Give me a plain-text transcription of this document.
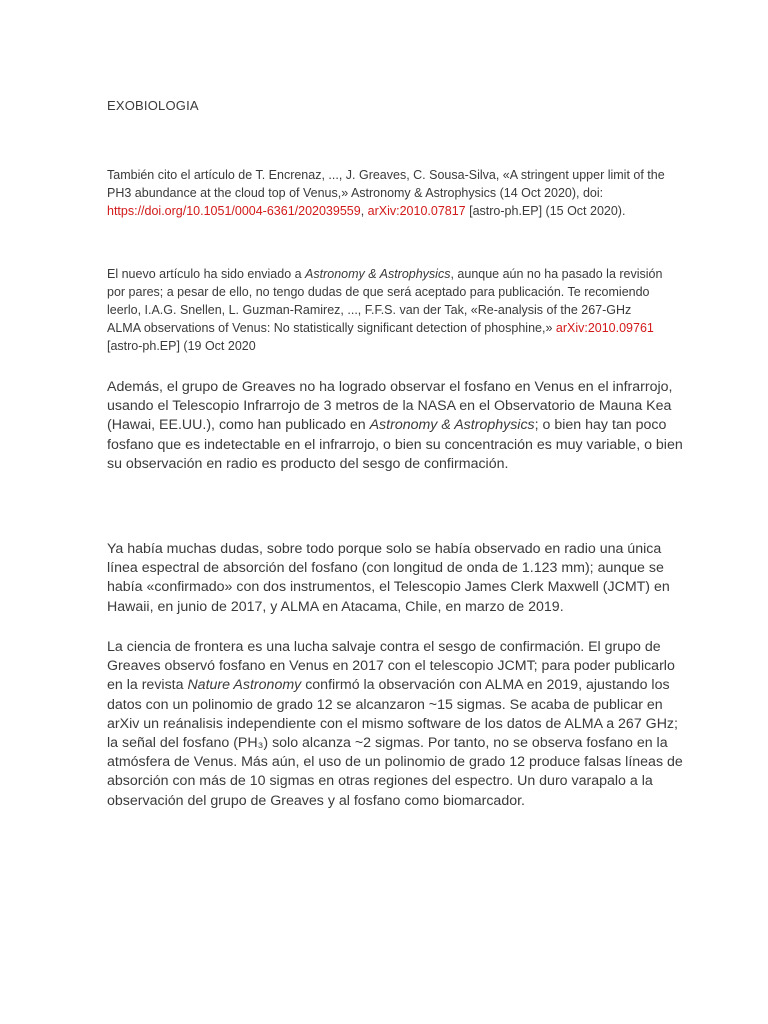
EXOBIOLOGIA
También cito el artículo de T. Encrenaz, ..., J. Greaves, C. Sousa-Silva, «A stringent upper limit of the PH3 abundance at the cloud top of Venus,» Astronomy & Astrophysics (14 Oct 2020), doi: https://doi.org/10.1051/0004-6361/202039559, arXiv:2010.07817 [astro-ph.EP] (15 Oct 2020).
El nuevo artículo ha sido enviado a Astronomy & Astrophysics, aunque aún no ha pasado la revisión por pares; a pesar de ello, no tengo dudas de que será aceptado para publicación. Te recomiendo leerlo, I.A.G. Snellen, L. Guzman-Ramirez, ..., F.F.S. van der Tak, «Re-analysis of the 267-GHz ALMA observations of Venus: No statistically significant detection of phosphine,» arXiv:2010.09761 [astro-ph.EP] (19 Oct 2020
Además, el grupo de Greaves no ha logrado observar el fosfano en Venus en el infrarrojo, usando el Telescopio Infrarrojo de 3 metros de la NASA en el Observatorio de Mauna Kea (Hawai, EE.UU.), como han publicado en Astronomy & Astrophysics; o bien hay tan poco fosfano que es indetectable en el infrarrojo, o bien su concentración es muy variable, o bien su observación en radio es producto del sesgo de confirmación.
Ya había muchas dudas, sobre todo porque solo se había observado en radio una única línea espectral de absorción del fosfano (con longitud de onda de 1.123 mm); aunque se había «confirmado» con dos instrumentos, el Telescopio James Clerk Maxwell (JCMT) en Hawaii, en junio de 2017, y ALMA en Atacama, Chile, en marzo de 2019.
La ciencia de frontera es una lucha salvaje contra el sesgo de confirmación. El grupo de Greaves observó fosfano en Venus en 2017 con el telescopio JCMT; para poder publicarlo en la revista Nature Astronomy confirmó la observación con ALMA en 2019, ajustando los datos con un polinomio de grado 12 se alcanzaron ~15 sigmas. Se acaba de publicar en arXiv un reánalisis independiente con el mismo software de los datos de ALMA a 267 GHz; la señal del fosfano (PH₃) solo alcanza ~2 sigmas. Por tanto, no se observa fosfano en la atmósfera de Venus. Más aún, el uso de un polinomio de grado 12 produce falsas líneas de absorción con más de 10 sigmas en otras regiones del espectro. Un duro varapalo a la observación del grupo de Greaves y al fosfano como biomarcador.
